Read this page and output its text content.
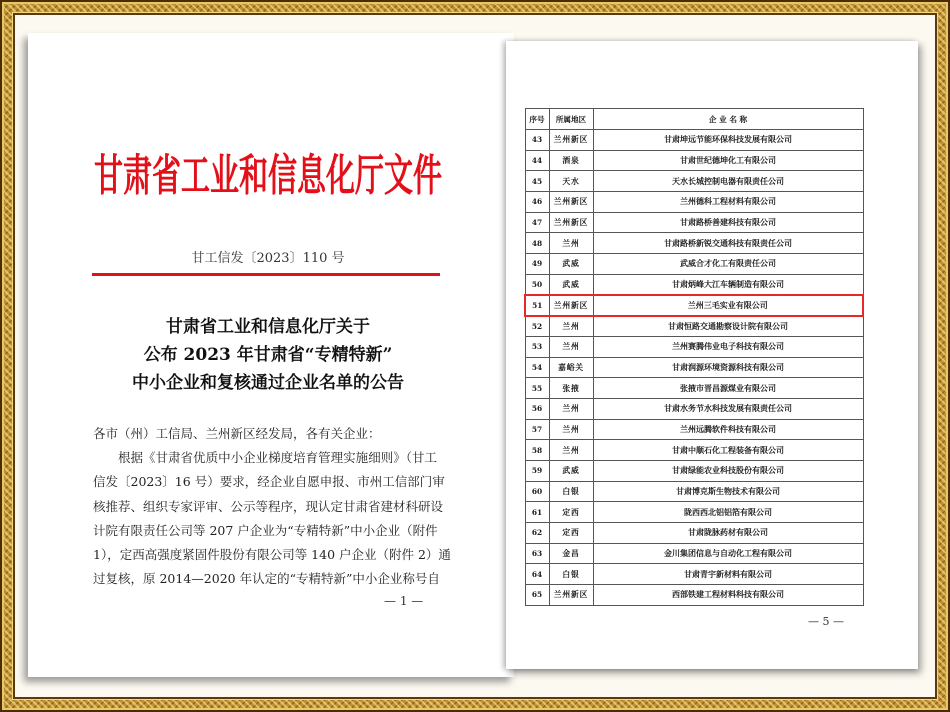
甘肃省工业和信息化厅文件
甘工信发〔2023〕110 号
甘肃省工业和信息化厅关于
公布 2023 年甘肃省“专精特新”
中小企业和复核通过企业名单的公告
各市（州）工信局、兰州新区经发局，各有关企业：
根据《甘肃省优质中小企业梯度培育管理实施细则》（甘工
信发〔2023〕16 号）要求，经企业自愿申报、市州工信部门审
核推荐、组织专家评审、公示等程序，现认定甘肃省建材科研设
计院有限责任公司等 207 户企业为“专精特新”中小企业（附件
1），定西高强度紧固件股份有限公司等 140 户企业（附件 2）通
过复核，原 2014—2020 年认定的“专精特新”中小企业称号自
— 1 —
序号	所属地区	企 业 名 称
43	兰州新区	甘肃坤远节能环保科技发展有限公司
44	酒泉	甘肃世纪德坤化工有限公司
45	天水	天水长城控制电器有限责任公司
46	兰州新区	兰州德科工程材料有限公司
47	兰州新区	甘肃路桥善建科技有限公司
48	兰州	甘肃路桥新锐交通科技有限责任公司
49	武威	武威合才化工有限责任公司
50	武威	甘肃炳峰大江车辆制造有限公司
51	兰州新区	兰州三毛实业有限公司
52	兰州	甘肃恒路交通勘察设计院有限公司
53	兰州	兰州赛腾伟业电子科技有限公司
54	嘉峪关	甘肃润源环境资源科技有限公司
55	张掖	张掖市晋昌源煤业有限公司
56	兰州	甘肃水务节水科技发展有限责任公司
57	兰州	兰州远腾软件科技有限公司
58	兰州	甘肃中顺石化工程装备有限公司
59	武威	甘肃绿能农业科技股份有限公司
60	白银	甘肃博克斯生物技术有限公司
61	定西	陇西西北铝铝箔有限公司
62	定西	甘肃陇脉药材有限公司
63	金昌	金川集团信息与自动化工程有限公司
64	白银	甘肃青宇新材料有限公司
65	兰州新区	西部铁建工程材料科技有限公司
— 5 —
